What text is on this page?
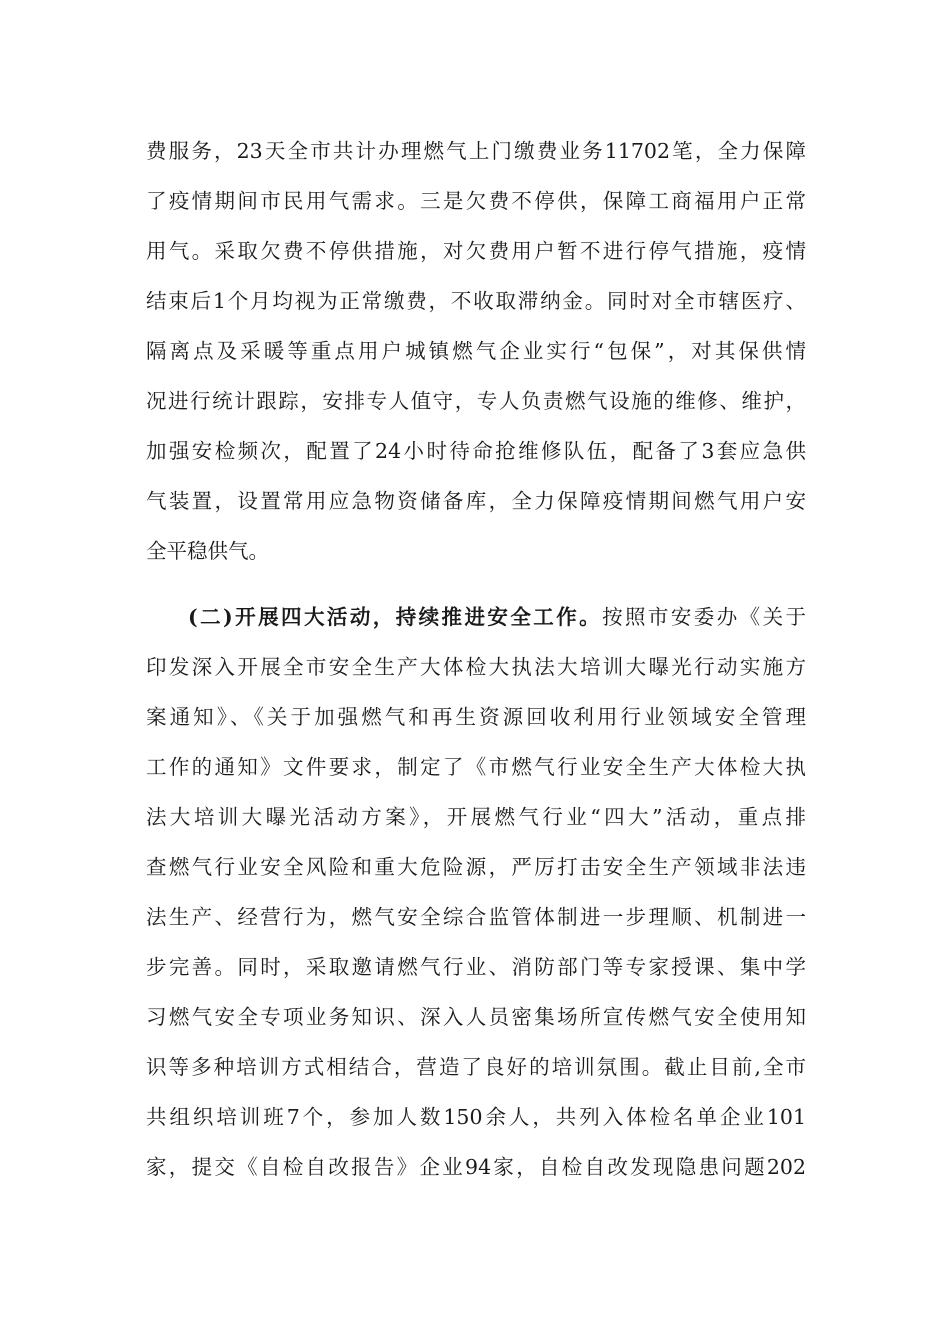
费服务，23天全市共计办理燃气上门缴费业务11702笔，全力保障
了疫情期间市民用气需求。三是欠费不停供，保障工商福用户正常
用气。采取欠费不停供措施，对欠费用户暂不进行停气措施，疫情
结束后1个月均视为正常缴费，不收取滞纳金。同时对全市辖医疗、
隔离点及采暖等重点用户城镇燃气企业实行“包保”，对其保供情
况进行统计跟踪，安排专人值守，专人负责燃气设施的维修、维护，
加强安检频次，配置了24小时待命抢维修队伍，配备了3套应急供
气装置，设置常用应急物资储备库，全力保障疫情期间燃气用户安
全平稳供气。
(二)开展四大活动，持续推进安全工作。按照市安委办《关于
印发深入开展全市安全生产大体检大执法大培训大曝光行动实施方
案通知》、《关于加强燃气和再生资源回收利用行业领域安全管理
工作的通知》文件要求，制定了《市燃气行业安全生产大体检大执
法大培训大曝光活动方案》，开展燃气行业“四大”活动，重点排
查燃气行业安全风险和重大危险源，严厉打击安全生产领域非法违
法生产、经营行为，燃气安全综合监管体制进一步理顺、机制进一
步完善。同时，采取邀请燃气行业、消防部门等专家授课、集中学
习燃气安全专项业务知识、深入人员密集场所宣传燃气安全使用知
识等多种培训方式相结合，营造了良好的培训氛围。截止目前,全市
共组织培训班7个，参加人数150余人，共列入体检名单企业101
家，提交《自检自改报告》企业94家，自检自改发现隐患问题202
